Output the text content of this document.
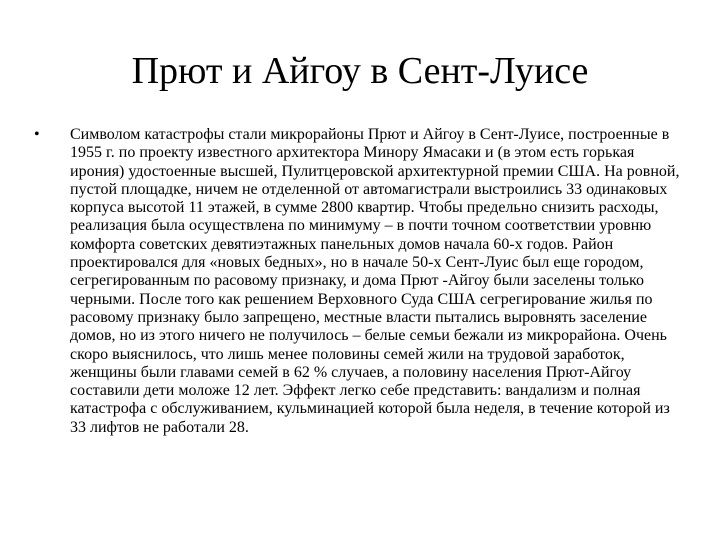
Прют и Айгоу в Сент-Луисе
• Символом катастрофы стали микрорайоны Прют и Айгоу в Сент-Луисе, построенные в 1955 г. по проекту известного архитектора Минору Ямасаки и (в этом есть горькая ирония) удостоенные высшей, Пулитцеровской архитектурной премии США. На ровной, пустой площадке, ничем не отделенной от автомагистрали выстроились 33 одинаковых корпуса высотой 11 этажей, в сумме 2800 квартир. Чтобы предельно снизить расходы, реализация была осуществлена по минимуму – в почти точном соответствии уровню комфорта советских девятиэтажных панельных домов начала 60-х годов. Район проектировался для «новых бедных», но в начале 50-х Сент-Луис был еще городом, сегрегированным по расовому признаку, и дома Прют -Айгоу были заселены только черными. После того как решением Верховного Суда США сегрегирование жилья по расовому признаку было запрещено, местные власти пытались выровнять заселение домов, но из этого ничего не получилось – белые семьи бежали из микрорайона. Очень скоро выяснилось, что лишь менее половины семей жили на трудовой заработок, женщины были главами семей в 62 % случаев, а половину населения Прют-Айгоу составили дети моложе 12 лет. Эффект легко себе представить: вандализм и полная катастрофа с обслуживанием, кульминацией которой была неделя, в течение которой из 33 лифтов не работали 28.
